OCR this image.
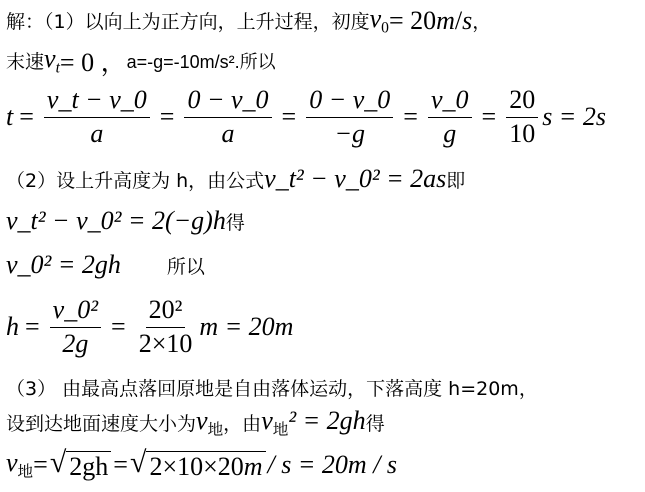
解：（1）以向上为正方向，上升过程，初度 $v_0 = 20$ m / s ，
末速 $v_t = 0$ ， a=-g=-10m/s².所以
$t = \frac{v\_t - v\_0}{a} = \frac{0 - v\_0}{a} = \frac{0 - v\_0}{-g} = \frac{v\_0}{g} = \frac{20}{10}$ s = 2s
（2）设上升高度为 h，由公式 v_t² − v_0² = 2as 即
v_t² − v_0² = 2(−g)h 得
v_0² = 2gh 所以
$h = \frac{\text{v\_0²}}{2g} = \frac{\text{20²}}{2\times 10}$ m = 20m
（3） 由最高点落回原地是自由落体运动，下落高度 h=20m，
设到达地面速度大小为 $v_地$ ，由 $v_地^2 = 2gh$ 得
$v_地$ = √ 2gh = √ 2×10×20m / s = 20m / s
